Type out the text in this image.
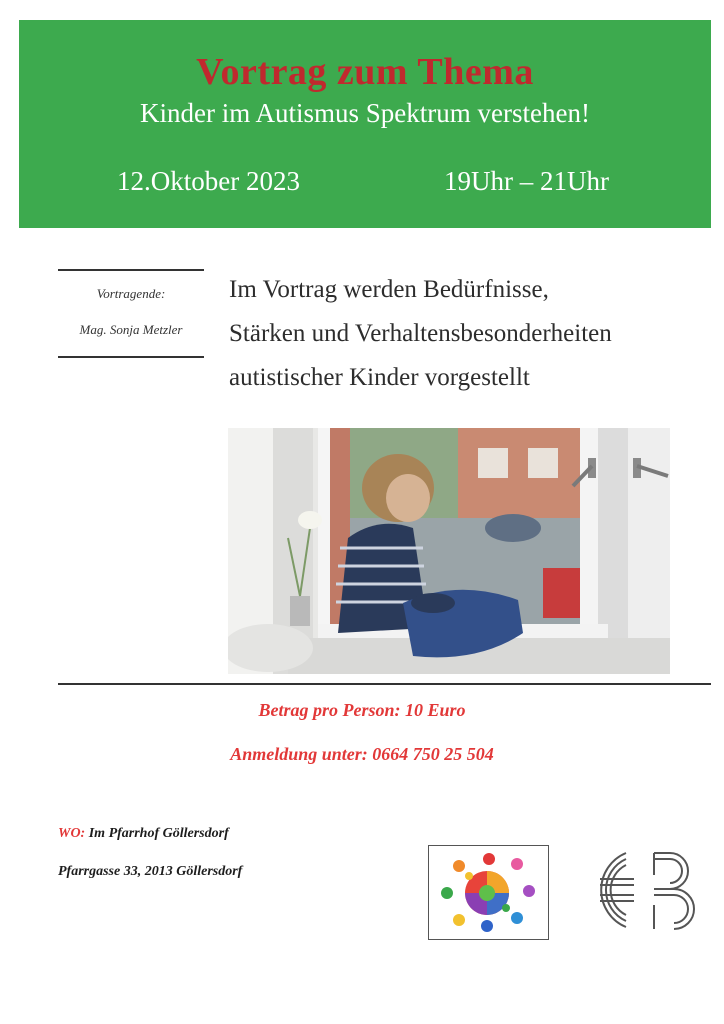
Vortrag zum Thema
Kinder im Autismus Spektrum verstehen!
12.Oktober 2023	19Uhr – 21Uhr
Vortragende:
Mag. Sonja Metzler
Im Vortrag werden Bedürfnisse,
Stärken und Verhaltensbesonderheiten
autistischer Kinder vorgestellt
Betrag pro Person: 10 Euro
Anmeldung unter: 0664 750 25 504
WO: Im Pfarrhof Göllersdorf
Pfarrgasse 33, 2013 Göllersdorf
